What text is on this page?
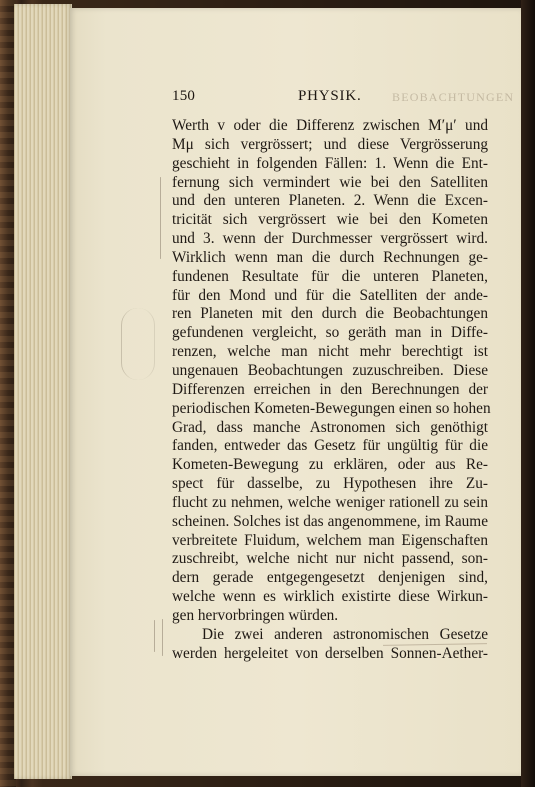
150	PHYSIK.	BEOBACHTUNGEN
Werth v oder die Differenz zwischen M′μ′ und
Mμ sich vergrössert; und diese Vergrösserung
geschieht in folgenden Fällen: 1. Wenn die Ent-
fernung sich vermindert wie bei den Satelliten
und den unteren Planeten. 2. Wenn die Excen-
tricität sich vergrössert wie bei den Kometen
und 3. wenn der Durchmesser vergrössert wird.
Wirklich wenn man die durch Rechnungen ge-
fundenen Resultate für die unteren Planeten,
für den Mond und für die Satelliten der ande-
ren Planeten mit den durch die Beobachtungen
gefundenen vergleicht, so geräth man in Diffe-
renzen, welche man nicht mehr berechtigt ist
ungenauen Beobachtungen zuzuschreiben. Diese
Differenzen erreichen in den Berechnungen der
periodischen Kometen-Bewegungen einen so hohen
Grad, dass manche Astronomen sich genöthigt
fanden, entweder das Gesetz für ungültig für die
Kometen-Bewegung zu erklären, oder aus Re-
spect für dasselbe, zu Hypothesen ihre Zu-
flucht zu nehmen, welche weniger rationell zu sein
scheinen. Solches ist das angenommene, im Raume
verbreitete Fluidum, welchem man Eigenschaften
zuschreibt, welche nicht nur nicht passend, son-
dern gerade entgegengesetzt denjenigen sind,
welche wenn es wirklich existirte diese Wirkun-
gen hervorbringen würden.
Die zwei anderen astronomischen Gesetze
werden hergeleitet von derselben Sonnen-Aether-
